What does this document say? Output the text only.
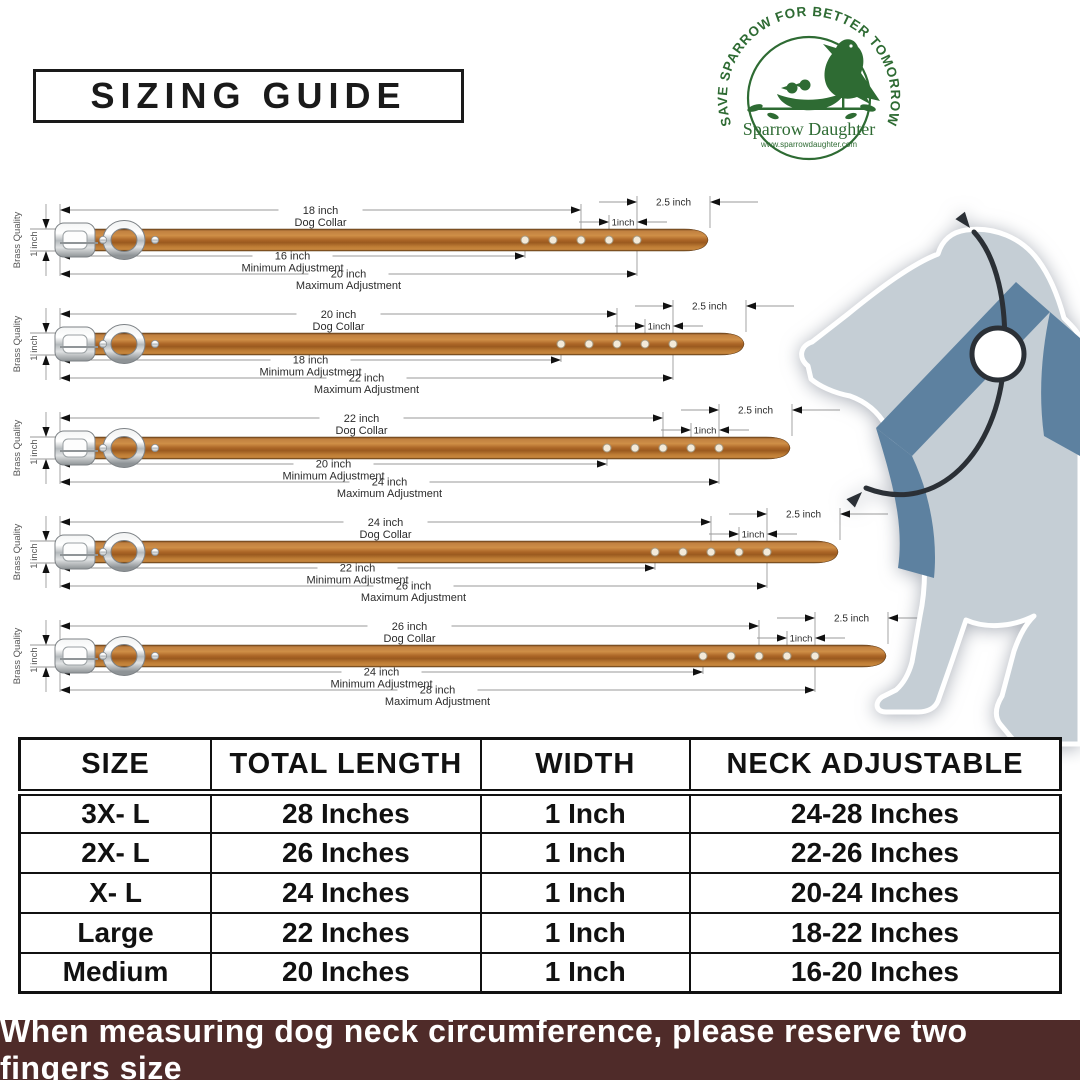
SIZING GUIDE
SAVE SPARROW FOR BETTER TOMORROW
Sparrow Daughter
www.sparrowdaughter.com
Brass Quality 1 inch
18 inch
Dog Collar	1inch
2.5 inch
16 inch
Minimum Adjustment
20 inch
Maximum Adjustment
Brass Quality 1 inch
20 inch
Dog Collar	1inch
2.5 inch
18 inch
Minimum Adjustment
22 inch
Maximum Adjustment
Brass Quality 1 inch
22 inch
Dog Collar	1inch
2.5 inch
20 inch
Minimum Adjustment
24 inch
Maximum Adjustment
Brass Quality 1 inch
24 inch
Dog Collar	1inch
2.5 inch
22 inch
Minimum Adjustment
26 inch
Maximum Adjustment
Brass Quality 1 inch
26 inch
Dog Collar	1inch
2.5 inch
24 inch
Minimum Adjustment
28 inch
Maximum Adjustment
SIZE	TOTAL LENGTH	WIDTH	NECK ADJUSTABLE
3X- L	28 Inches	1 Inch	24-28 Inches
2X- L	26 Inches	1 Inch	22-26 Inches
X- L	24 Inches	1 Inch	20-24 Inches
Large	22 Inches	1 Inch	18-22 Inches
Medium	20 Inches	1 Inch	16-20 Inches
When measuring dog neck circumference, please reserve two fingers size
